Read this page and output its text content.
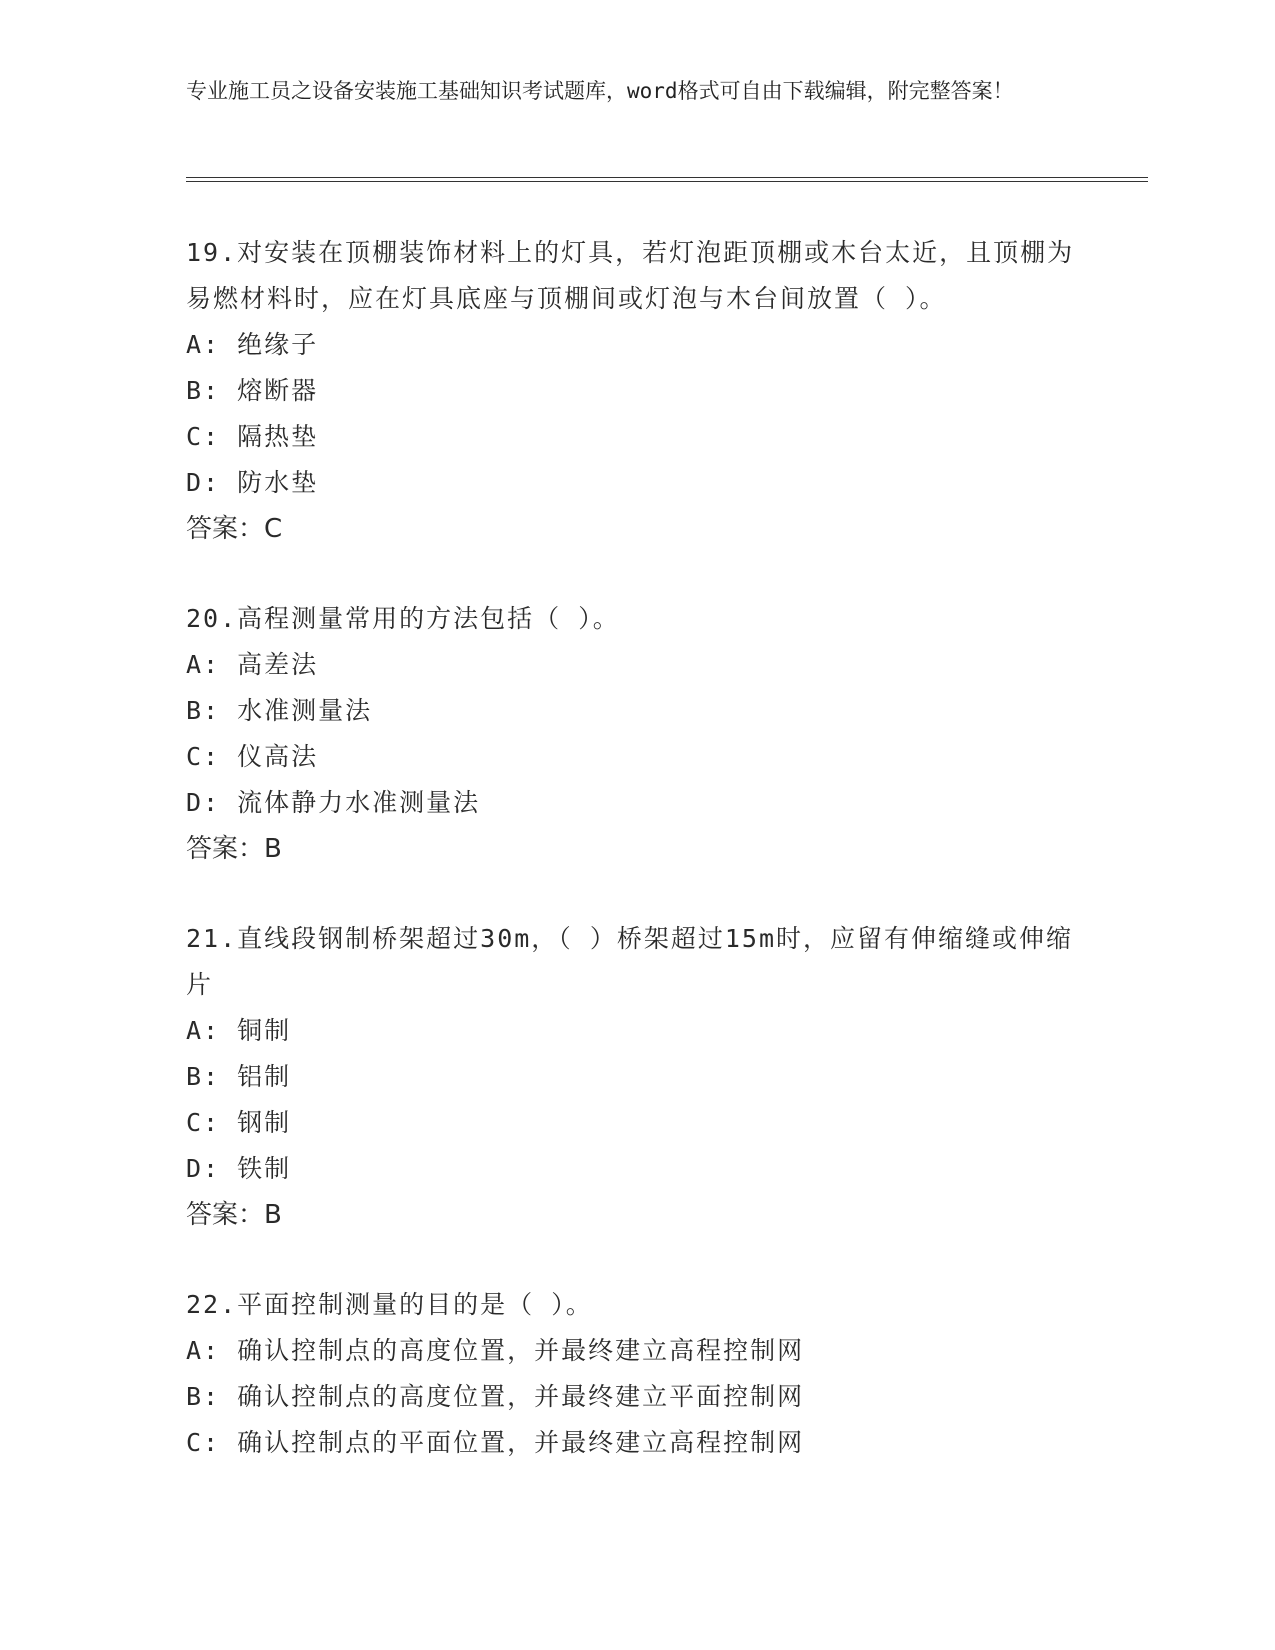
专业施工员之设备安装施工基础知识考试题库，word格式可自由下载编辑，附完整答案！
19.对安装在顶棚装饰材料上的灯具，若灯泡距顶棚或木台太近，且顶棚为易燃材料时，应在灯具底座与顶棚间或灯泡与木台间放置（ ）。
A: 绝缘子
B: 熔断器
C: 隔热垫
D: 防水垫
答案：C
20.高程测量常用的方法包括（ ）。
A: 高差法
B: 水准测量法
C: 仪高法
D: 流体静力水准测量法
答案：B
21.直线段钢制桥架超过30m，（ ）桥架超过15m时，应留有伸缩缝或伸缩片
A: 铜制
B: 铝制
C: 钢制
D: 铁制
答案：B
22.平面控制测量的目的是（ ）。
A: 确认控制点的高度位置，并最终建立高程控制网
B: 确认控制点的高度位置，并最终建立平面控制网
C: 确认控制点的平面位置，并最终建立高程控制网
